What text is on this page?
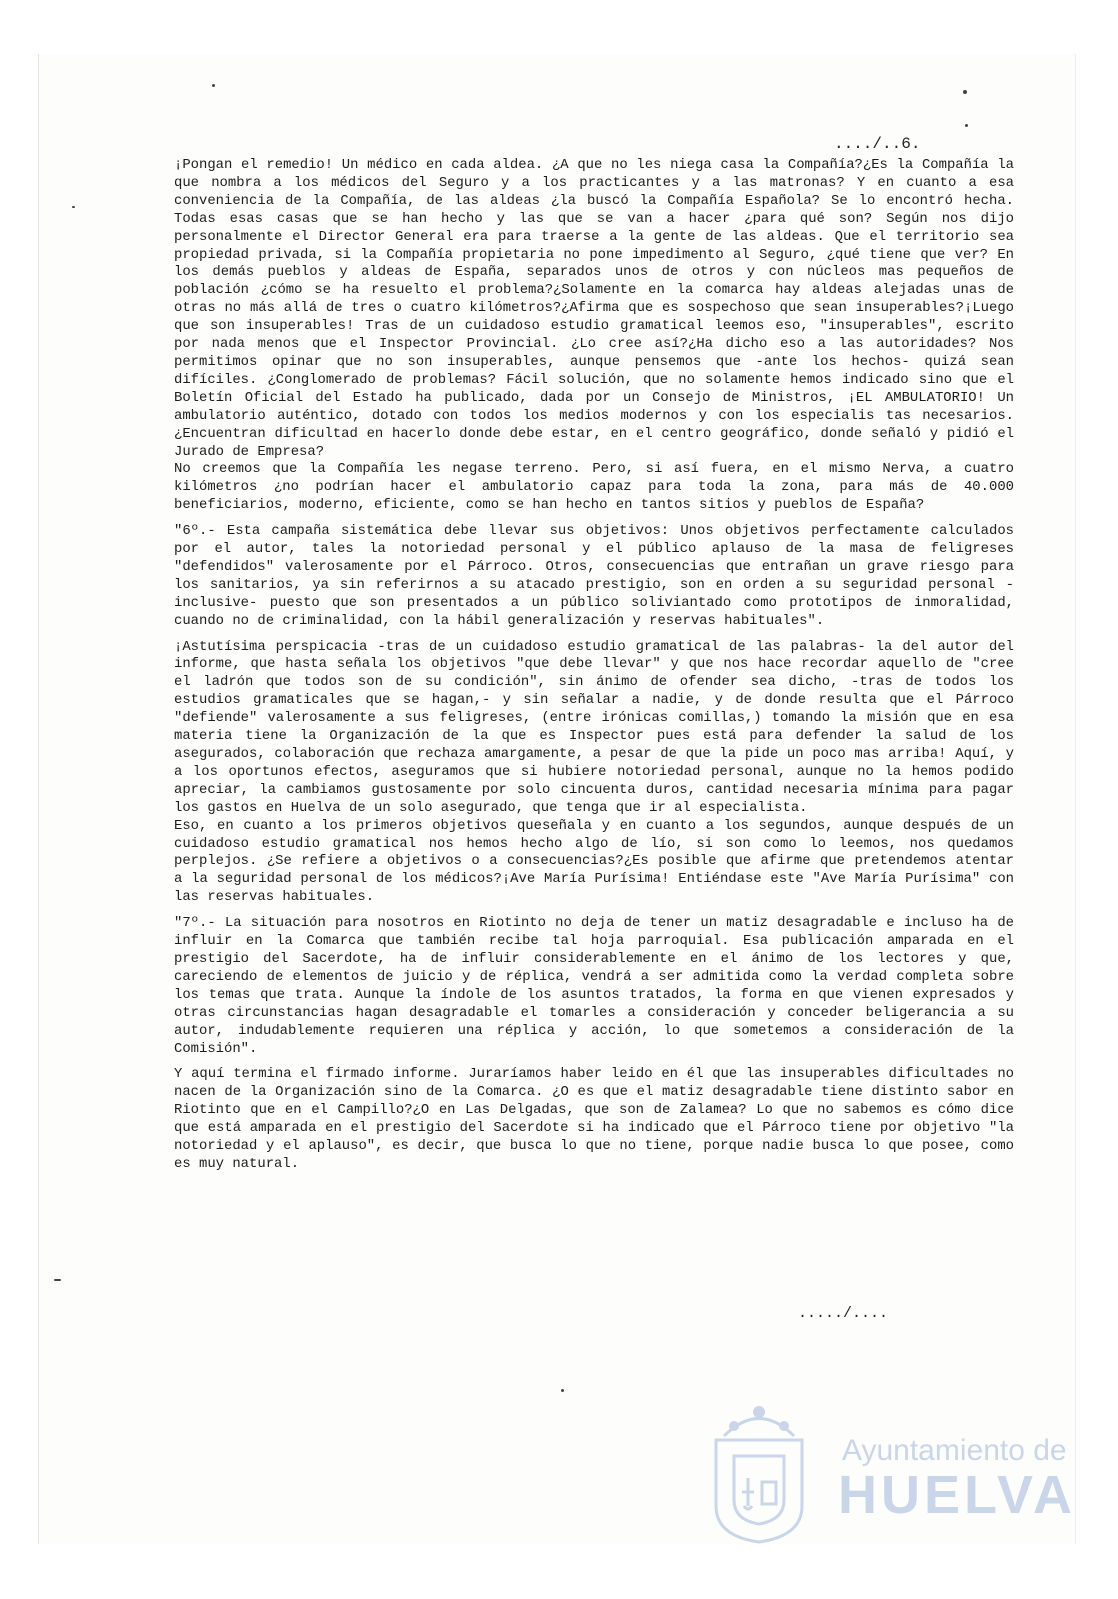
..../..6.

¡Pongan el remedio! Un médico en cada aldea. ¿A que no les niega casa la Compañía?¿Es la Compañía la que nombra a los médicos del Seguro y a los practicantes y a las matronas? Y en cuanto a esa conveniencia de la Compañía, de las aldeas ¿la buscó la Compañía Española? Se lo encontró hecha. Todas esas casas que se han hecho y las que se van a hacer ¿para qué son? Según nos dijo personalmente el Director General era para traerse a la gente de las aldeas. Que el territorio sea propiedad privada, si la Compañía propietaria no pone impedimento al Seguro, ¿qué tiene que ver? En los demás pueblos y aldeas de España, separados unos de otros y con núcleos mas pequeños de población ¿cómo se ha resuelto el problema?¿Solamente en la comarca hay aldeas alejadas unas de otras no más allá de tres o cuatro kilómetros?¿Afirma que es sospechoso que sean insuperables?¡Luego que son insuperables! Tras de un cuidadoso estudio gramatical leemos eso, "insuperables", escrito por nada menos que el Inspector Provincial. ¿Lo cree así?¿Ha dicho eso a las autoridades? Nos permitimos opinar que no son insuperables, aunque pensemos que -ante los hechos- quizá sean difíciles. ¿Conglomerado de problemas? Fácil solución, que no solamente hemos indicado sino que el Boletín Oficial del Estado ha publicado, dada por un Consejo de Ministros, ¡EL AMBULATORIO! Un ambulatorio auténtico, dotado con todos los medios modernos y con los especialis tas necesarios. ¿Encuentran dificultad en hacerlo donde debe estar, en el centro geográfico, donde señaló y pidió el Jurado de Empresa?

No creemos que la Compañía les negase terreno. Pero, si así fuera, en el mismo Nerva, a cuatro kilómetros ¿no podrían hacer el ambulatorio capaz para toda la zona, para más de 40.000 beneficiarios, moderno, eficiente, como se han hecho en tantos sitios y pueblos de España?

"6º.- Esta campaña sistemática debe llevar sus objetivos: Unos objetivos perfectamente calculados por el autor, tales la notoriedad personal y el público aplauso de la masa de feligreses "defendidos" valerosamente por el Párroco. Otros, consecuencias que entrañan un grave riesgo para los sanitarios, ya sin referirnos a su atacado prestigio, son en orden a su seguridad personal -inclusive- puesto que son presentados a un público soliviantado como prototipos de inmoralidad, cuando no de criminalidad, con la hábil generalización y reservas habituales".

¡Astutísima perspicacia -tras de un cuidadoso estudio gramatical de las palabras- la del autor del informe, que hasta señala los objetivos "que debe llevar" y que nos hace recordar aquello de "cree el ladrón que todos son de su condición", sin ánimo de ofender sea dicho, -tras de todos los estudios gramaticales que se hagan,- y sin señalar a nadie, y de donde resulta que el Párroco "defiende" valerosamente a sus feligreses, (entre irónicas comillas,) tomando la misión que en esa materia tiene la Organización de la que es Inspector pues está para defender la salud de los asegurados, colaboración que rechaza amargamente, a pesar de que la pide un poco mas arriba! Aquí, y a los oportunos efectos, aseguramos que si hubiere notoriedad personal, aunque no la hemos podido apreciar, la cambiamos gustosamente por solo cincuenta duros, cantidad necesaria mínima para pagar los gastos en Huelva de un solo asegurado, que tenga que ir al especialista.

Eso, en cuanto a los primeros objetivos queseñala y en cuanto a los segundos, aunque después de un cuidadoso estudio gramatical nos hemos hecho algo de lío, si son como lo leemos, nos quedamos perplejos. ¿Se refiere a objetivos o a consecuencias?¿Es posible que afirme que pretendemos atentar a la seguridad personal de los médicos?¡Ave María Purísima! Entiéndase este "Ave María Purísima" con las reservas habituales.

"7º.- La situación para nosotros en Riotinto no deja de tener un matiz desagradable e incluso ha de influir en la Comarca que también recibe tal hoja parroquial. Esa publicación amparada en el prestigio del Sacerdote, ha de influir considerablemente en el ánimo de los lectores y que, careciendo de elementos de juicio y de réplica, vendrá a ser admitida como la verdad completa sobre los temas que trata. Aunque la índole de los asuntos tratados, la forma en que vienen expresados y otras circunstancias hagan desagradable el tomarles a consideración y conceder beligerancia a su autor, indudablemente requieren una réplica y acción, lo que sometemos a consideración de la Comisión".

Y aquí termina el firmado informe. Juraríamos haber leido en él que las insuperables dificultades no nacen de la Organización sino de la Comarca. ¿O es que el matiz desagradable tiene distinto sabor en Riotinto que en el Campillo?¿O en Las Delgadas, que son de Zalamea? Lo que no sabemos es cómo dice que está amparada en el prestigio del Sacerdote si ha indicado que el Párroco tiene por objetivo "la notoriedad y el aplauso", es decir, que busca lo que no tiene, porque nadie busca lo que posee, como es muy natural.

...../....
Ayuntamiento de
HUELVA
